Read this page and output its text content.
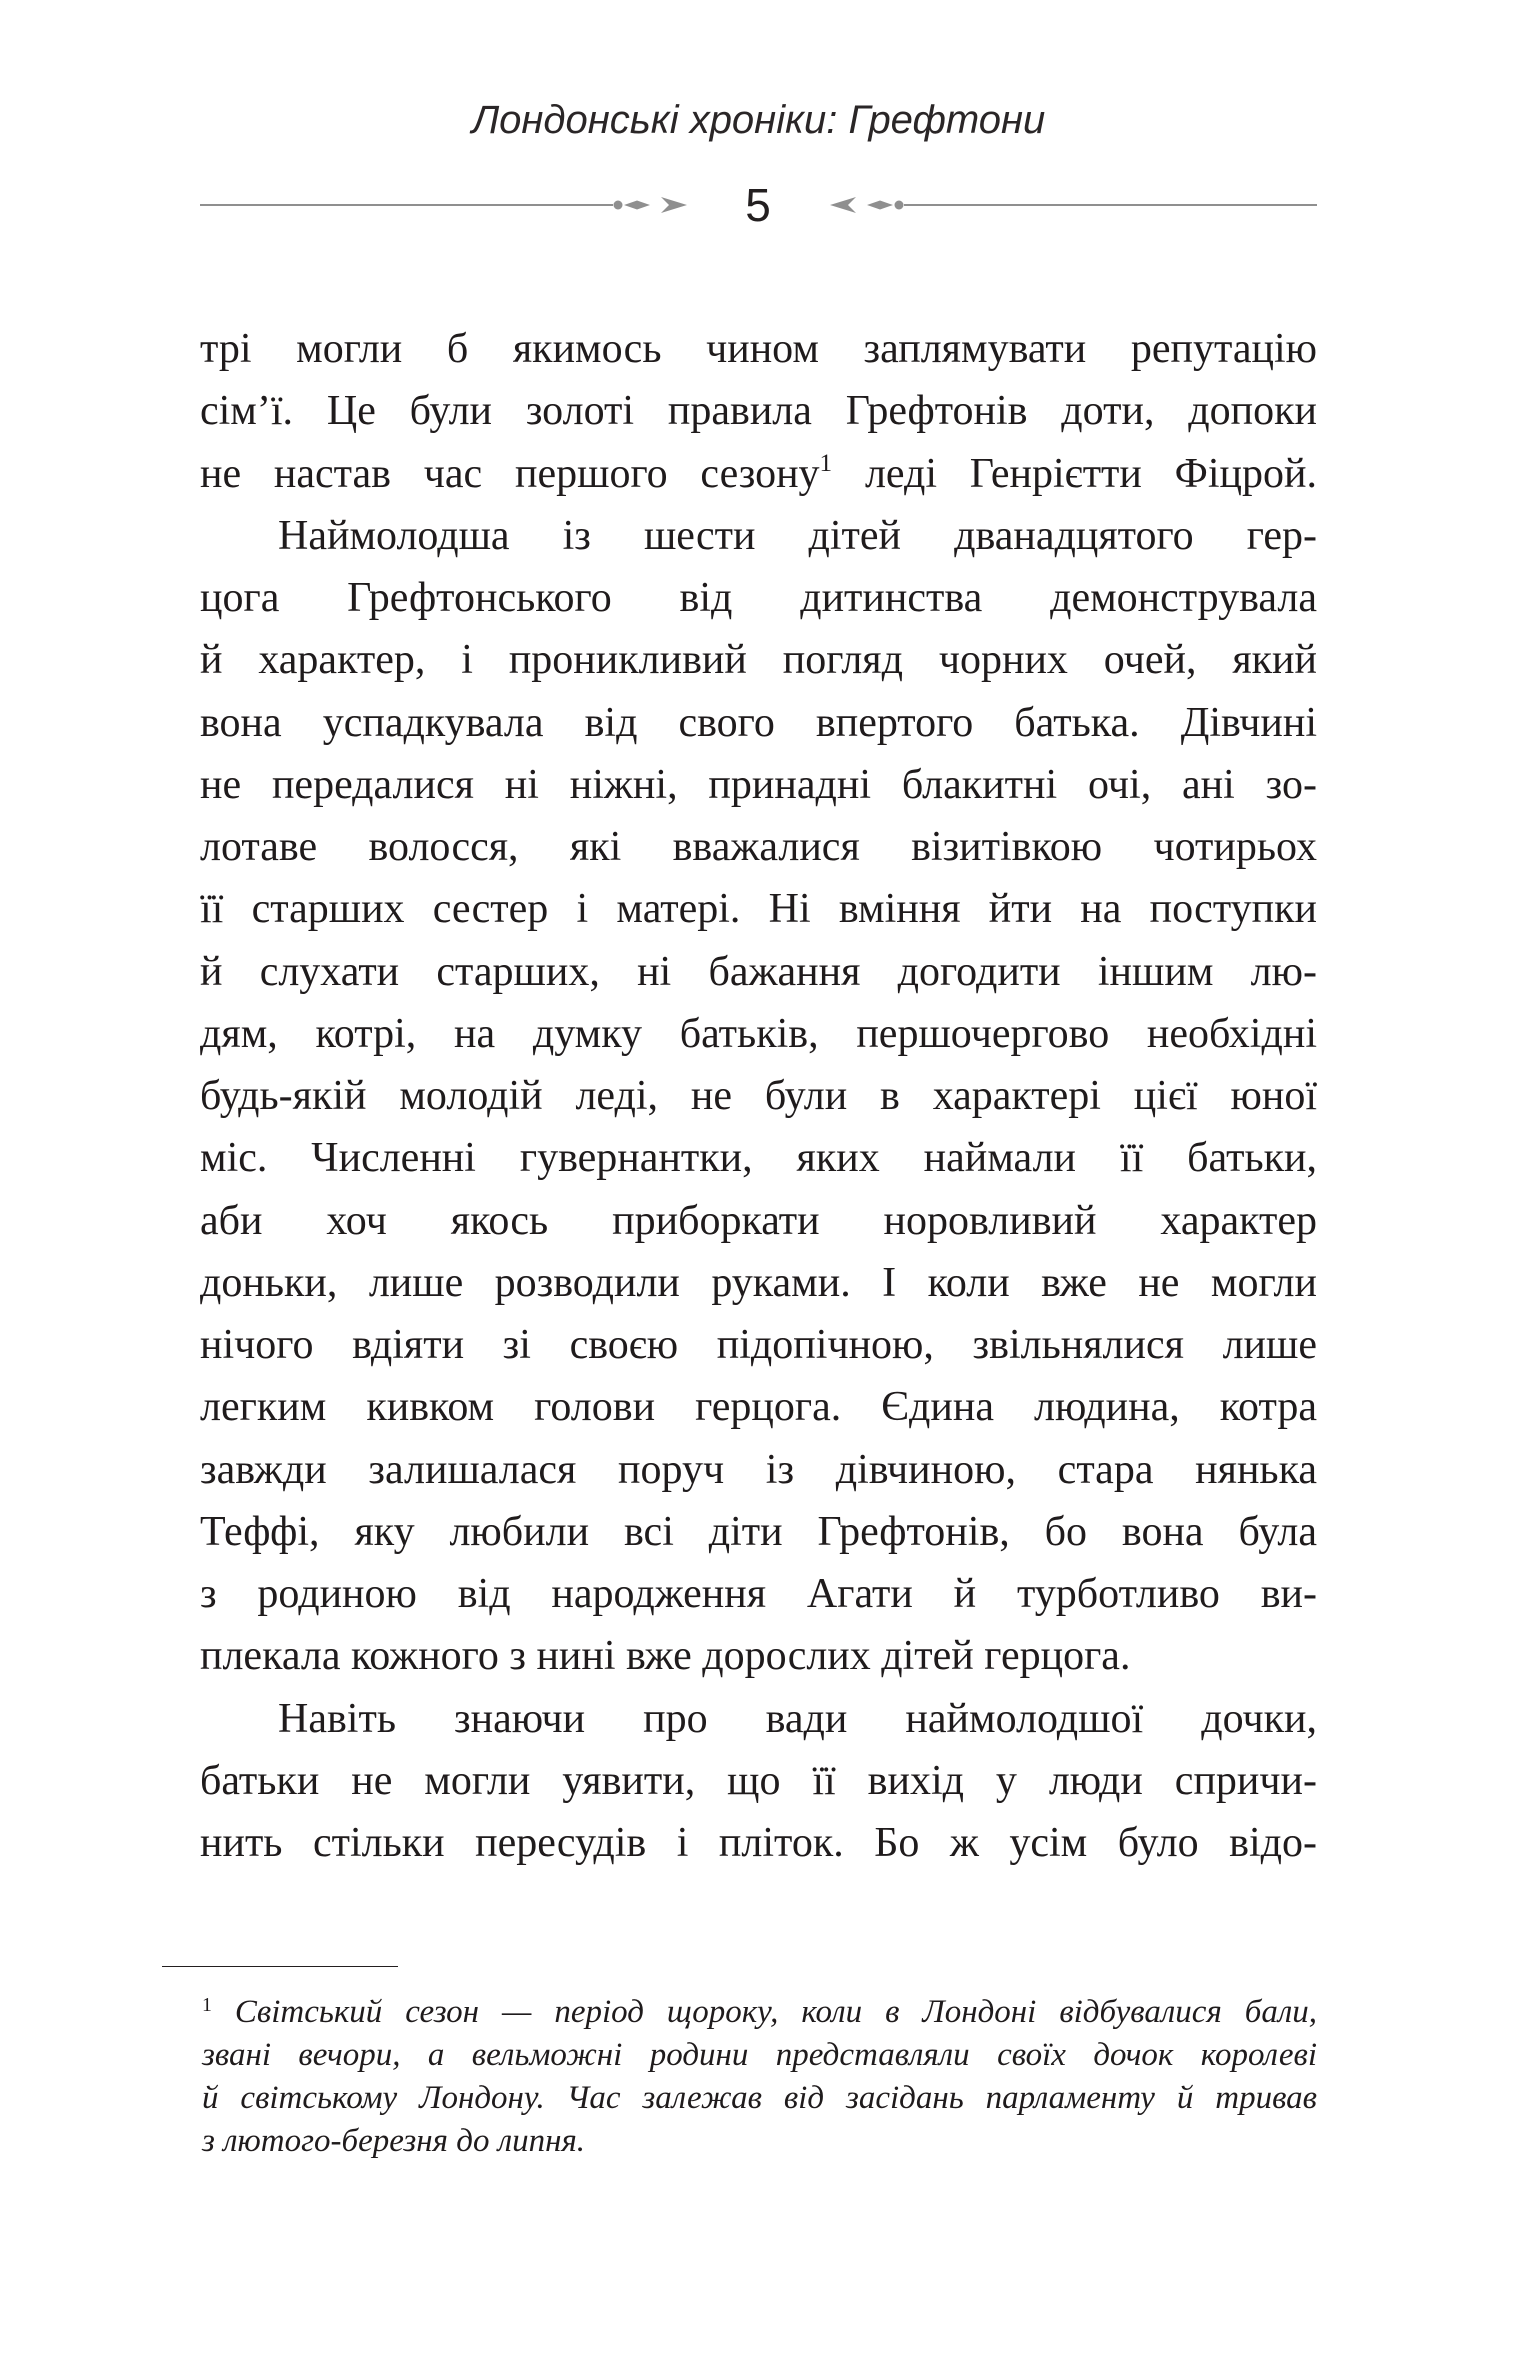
Лондонські хроніки: Грефтони
5
трі могли б якимось чином заплямувати репутацію
сім’ї. Це були золоті правила Грефтонів доти, допоки
не настав час першого сезону$^1$ леді Генрієтти Фіцрой.
Наймолодша із шести дітей дванадцятого гер-
цога Грефтонського від дитинства демонструвала
й характер, і проникливий погляд чорних очей, який
вона успадкувала від свого впертого батька. Дівчині
не передалися ні ніжні, принадні блакитні очі, ані зо-
лотаве волосся, які вважалися візитівкою чотирьох
її старших сестер і матері. Ні вміння йти на поступки
й слухати старших, ні бажання догодити іншим лю-
дям, котрі, на думку батьків, першочергово необхідні
будь-якій молодій леді, не були в характері цієї юної
міс. Численні гувернантки, яких наймали її батьки,
аби хоч якось приборкати норовливий характер
доньки, лише розводили руками. І коли вже не могли
нічого вдіяти зі своєю підопічною, звільнялися лише
легким кивком голови герцога. Єдина людина, котра
завжди залишалася поруч із дівчиною, стара нянька
Теффі, яку любили всі діти Грефтонів, бо вона була
з родиною від народження Агати й турботливо ви-
плекала кожного з нині вже дорослих дітей герцога.
Навіть знаючи про вади наймолодшої дочки,
батьки не могли уявити, що її вихід у люди спричи-
нить стільки пересудів і пліток. Бо ж усім було відо-
$^1$ Світський сезон — період щороку, коли в Лондоні відбувалися бали,
звані вечори, а вельможні родини представляли своїх дочок королеві
й світському Лондону. Час залежав від засідань парламенту й тривав
з лютого-березня до липня.
